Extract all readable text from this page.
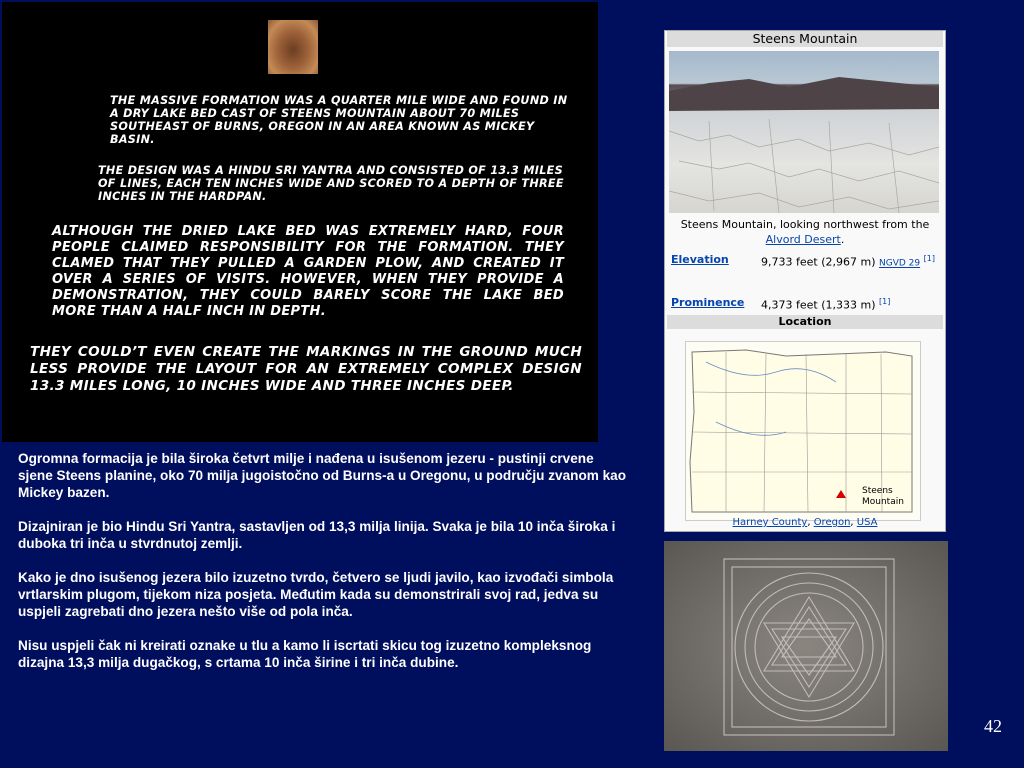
THE MASSIVE FORMATION WAS A QUARTER MILE WIDE AND FOUND IN A DRY LAKE BED CAST OF STEENS MOUNTAIN ABOUT 70 MILES SOUTHEAST OF BURNS, OREGON IN AN AREA KNOWN AS MICKEY BASIN.

THE DESIGN WAS A HINDU SRI YANTRA AND CONSISTED OF 13.3 MILES OF LINES, EACH TEN INCHES WIDE AND SCORED TO A DEPTH OF THREE INCHES IN THE HARDPAN.

ALTHOUGH THE DRIED LAKE BED WAS EXTREMELY HARD, FOUR PEOPLE CLAIMED RESPONSIBILITY FOR THE FORMATION. THEY CLAMED THAT THEY PULLED A GARDEN PLOW, AND CREATED IT OVER A SERIES OF VISITS. HOWEVER, WHEN THEY PROVIDE A DEMONSTRATION, THEY COULD BARELY SCORE THE LAKE BED MORE THAN A HALF INCH IN DEPTH.

THEY COULD’T EVEN CREATE THE MARKINGS IN THE GROUND MUCH LESS PROVIDE THE LAYOUT FOR AN EXTREMELY COMPLEX DESIGN 13.3 MILES LONG, 10 INCHES WIDE AND THREE INCHES DEEP.

Ogromna formacija je bila široka četvrt milje i nađena u isušenom jezeru - pustinji crvene sjene Steens planine, oko 70 milja jugoistočno od Burns-a u Oregonu, u području zvanom kao Mickey bazen.

Dizajniran je bio Hindu Sri Yantra, sastavljen od 13,3 milja linija. Svaka je bila 10 inča široka i duboka tri inča u stvrdnutoj zemlji.

Kako je dno isušenog jezera bilo izuzetno tvrdo, četvero se ljudi javilo, kao izvođači simbola vrtlarskim plugom, tijekom niza posjeta. Međutim kada su demonstrirali svoj rad, jedva su uspjeli zagrebati dno jezera nešto više od pola inča.

Nisu uspjeli čak ni kreirati oznake u tlu a kamo li iscrtati skicu tog izuzetno kompleksnog dizajna 13,3 milja dugačkog, s crtama 10 inča širine i tri inča dubine.

Steens Mountain
Steens Mountain, looking northwest from the Alvord Desert.
Elevation	9,733 feet (2,967 m) NGVD 29 [1]
Prominence 4,373 feet (1,333 m) [1]
Location
Steens
Mountain
Harney County, Oregon, USA
42
